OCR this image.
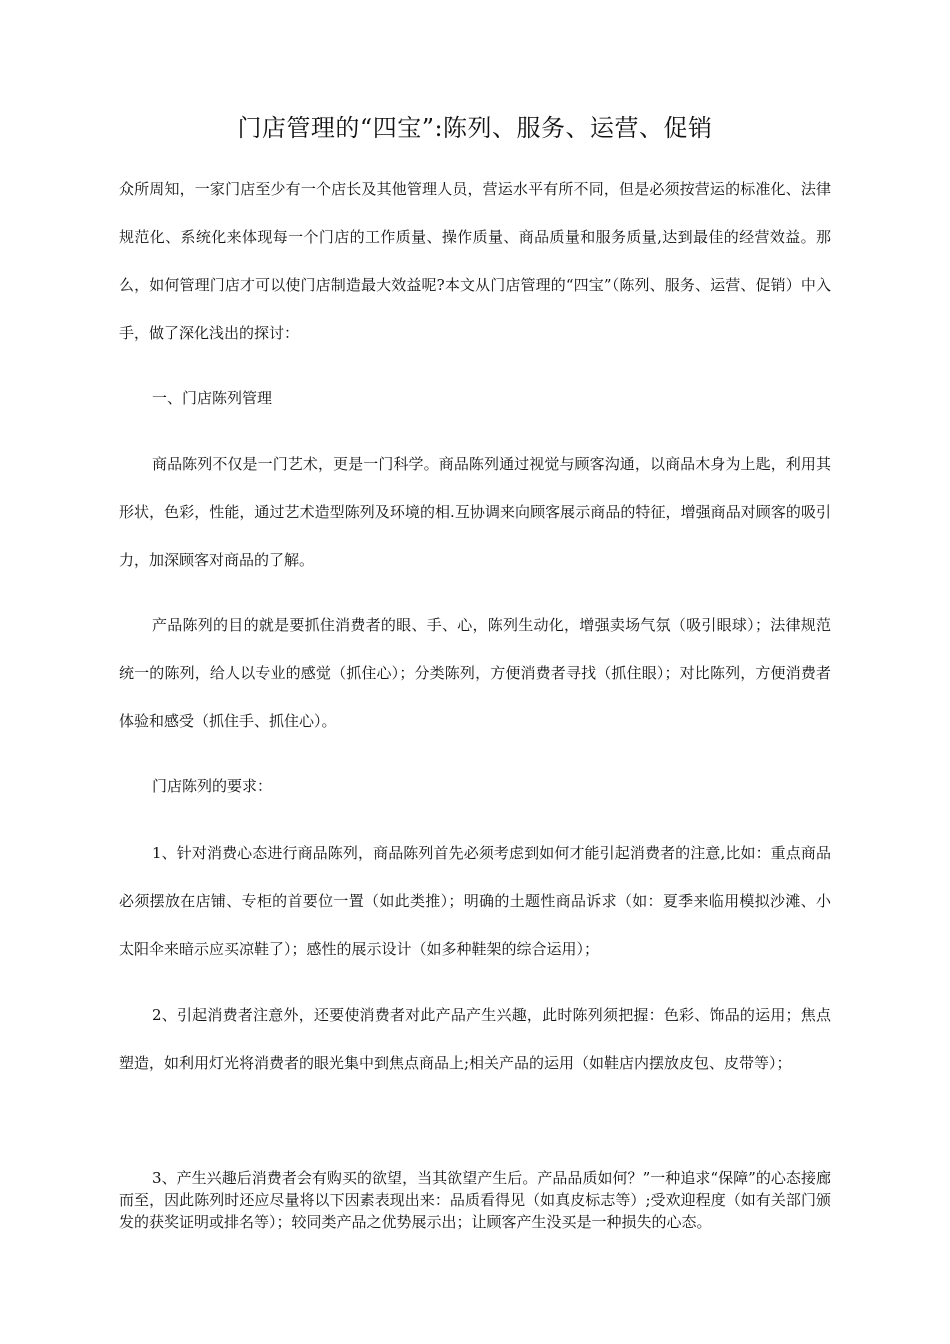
门店管理的“四宝”:陈列、服务、运营、促销

众所周知，一家门店至少有一个店长及其他管理人员，营运水平有所不同，但是必须按营运的标准化、法律规范化、系统化来体现每一个门店的工作质量、操作质量、商品质量和服务质量,达到最佳的经营效益。那么，如何管理门店才可以使门店制造最大效益呢?本文从门店管理的“四宝”（陈列、服务、运营、促销）中入手，做了深化浅出的探讨：

一、门店陈列管理

商品陈列不仅是一门艺术，更是一门科学。商品陈列通过视觉与顾客沟通，以商品木身为上匙，利用其形状，色彩，性能，通过艺术造型陈列及环境的相.互协调来向顾客展示商品的特征，增强商品对顾客的吸引力，加深顾客对商品的了解。

产品陈列的目的就是要抓住消费者的眼、手、心，陈列生动化，增强卖场气氛（吸引眼球）；法律规范统一的陈列，给人以专业的感觉（抓住心）；分类陈列，方便消费者寻找（抓住眼）；对比陈列，方便消费者体验和感受（抓住手、抓住心）。

门店陈列的要求：

1、针对消费心态进行商品陈列，商品陈列首先必须考虑到如何才能引起消费者的注意,比如：重点商品必须摆放在店铺、专柜的首要位一置（如此类推）；明确的土题性商品诉求（如：夏季来临用模拟沙滩、小太阳伞来暗示应买凉鞋了）；感性的展示设计（如多种鞋架的综合运用）；

2、引起消费者注意外，还要使消费者对此产品产生兴趣，此时陈列须把握：色彩、饰品的运用；焦点塑造，如利用灯光将消费者的眼光集中到焦点商品上;相关产品的运用（如鞋店内摆放皮包、皮带等）；

3、产生兴趣后消费者会有购买的欲望，当其欲望产生后。产品品质如何？”一种追求“保障”的心态接廊而至，因此陈列时还应尽量将以下因素表现出来：品质看得见（如真皮标志等）;受欢迎程度（如有关部门颁发的获奖证明或排名等）；较同类产品之优势展示出；让顾客产生没买是一种损失的心态。
